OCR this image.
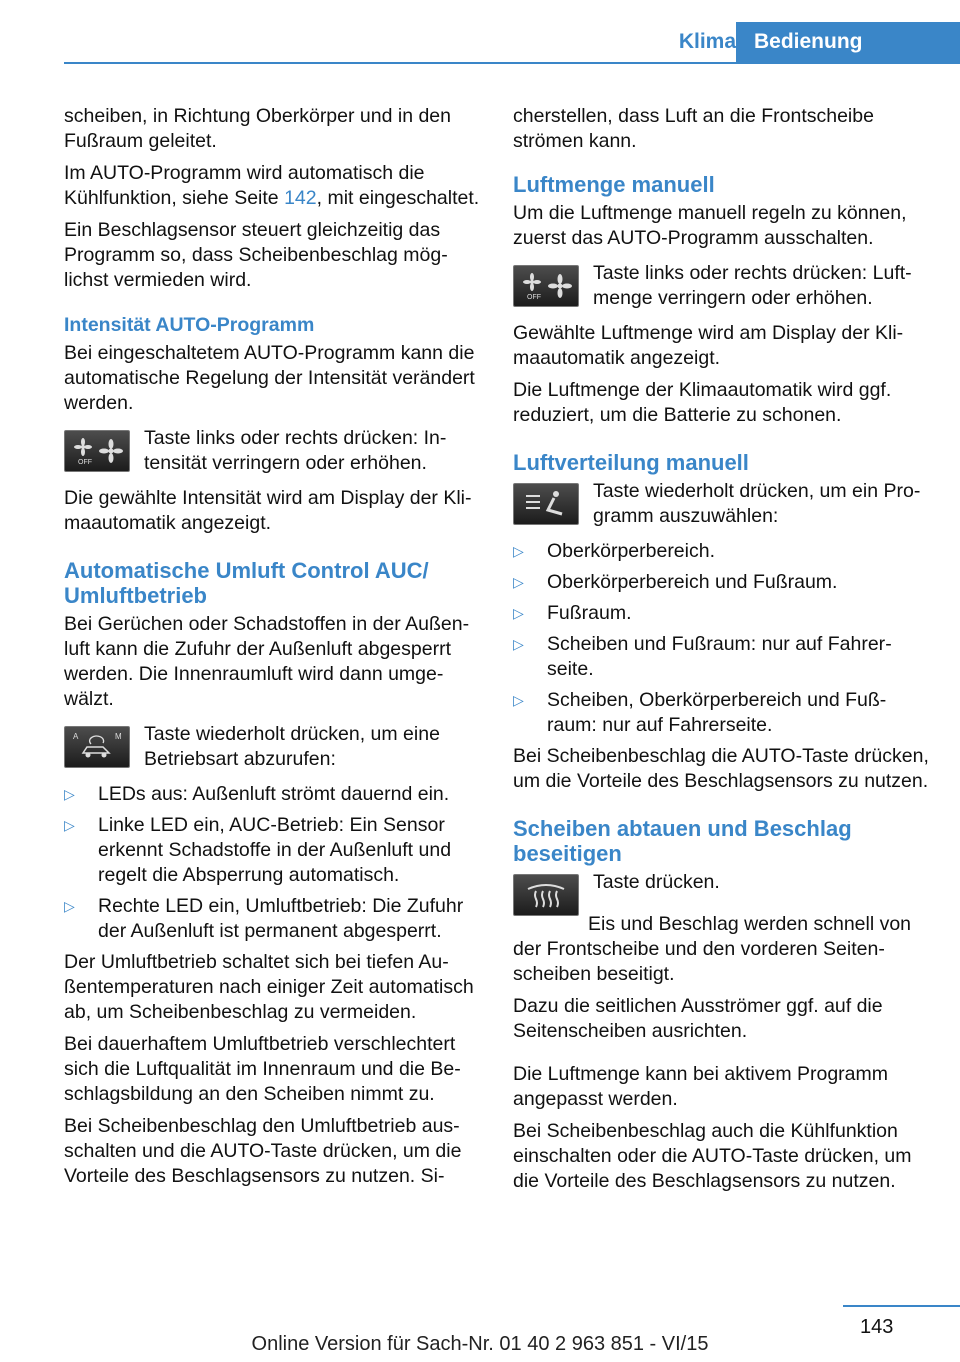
Klima Bedienung

scheiben, in Richtung Oberkörper und in den Fußraum geleitet.

Im AUTO-Programm wird automatisch die Kühlfunktion, siehe Seite 142, mit eingeschaltet.

Ein Beschlagsensor steuert gleichzeitig das Programm so, dass Scheibenbeschlag möglichst vermieden wird.

Intensität AUTO-Programm

Bei eingeschaltetem AUTO-Programm kann die automatische Regelung der Intensität verändert werden.

OFF
Taste links oder rechts drücken: Intensität verringern oder erhöhen.

Die gewählte Intensität wird am Display der Klimaautomatik angezeigt.

Automatische Umluft Control AUC/ Umluftbetrieb

Bei Gerüchen oder Schadstoffen in der Außenluft kann die Zufuhr der Außenluft abgesperrt werden. Die Innenraumluft wird dann umgewälzt.

A	M Taste wiederholt drücken, um eine Betriebsart abzurufen:
▷ LEDs aus: Außenluft strömt dauernd ein.
▷ Linke LED ein, AUC-Betrieb: Ein Sensor erkennt Schadstoffe in der Außenluft und regelt die Absperrung automatisch.
▷ Rechte LED ein, Umluftbetrieb: Die Zufuhr der Außenluft ist permanent abgesperrt.

Der Umluftbetrieb schaltet sich bei tiefen Außentemperaturen nach einiger Zeit automatisch ab, um Scheibenbeschlag zu vermeiden.

Bei dauerhaftem Umluftbetrieb verschlechtert sich die Luftqualität im Innenraum und die Beschlagsbildung an den Scheiben nimmt zu.

Bei Scheibenbeschlag den Umluftbetrieb ausschalten und die AUTO-Taste drücken, um die Vorteile des Beschlagsensors zu nutzen. Si-

cherstellen, dass Luft an die Frontscheibe strömen kann.

Luftmenge manuell

Um die Luftmenge manuell regeln zu können, zuerst das AUTO-Programm ausschalten.

OFF
Taste links oder rechts drücken: Luftmenge verringern oder erhöhen.

Gewählte Luftmenge wird am Display der Klimaautomatik angezeigt.

Die Luftmenge der Klimaautomatik wird ggf. reduziert, um die Batterie zu schonen.

Luftverteilung manuell
Taste wiederholt drücken, um ein Programm auszuwählen:
▷ Oberkörperbereich.
▷ Oberkörperbereich und Fußraum.
▷ Fußraum.
▷ Scheiben und Fußraum: nur auf Fahrerseite.
▷ Scheiben, Oberkörperbereich und Fußraum: nur auf Fahrerseite.

Bei Scheibenbeschlag die AUTO-Taste drücken, um die Vorteile des Beschlagsensors zu nutzen.

Scheiben abtauen und Beschlag beseitigen
Taste drücken.

Eis und Beschlag werden schnell von der Frontscheibe und den vorderen Seitenscheiben beseitigt.

Dazu die seitlichen Ausströmer ggf. auf die Seitenscheiben ausrichten.

Die Luftmenge kann bei aktivem Programm angepasst werden.

Bei Scheibenbeschlag auch die Kühlfunktion einschalten oder die AUTO-Taste drücken, um die Vorteile des Beschlagsensors zu nutzen.

143
Online Version für Sach-Nr. 01 40 2 963 851 - VI/15
